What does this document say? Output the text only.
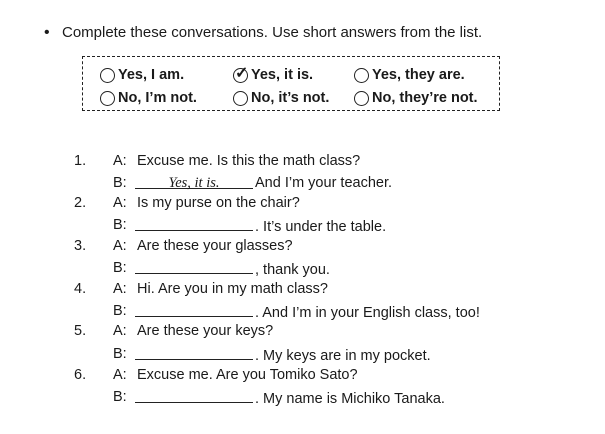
• Complete these conversations. Use short answers from the list.
Yes, I am.	✓ Yes, it is.	Yes, they are.
No, I’m not.	No, it’s not.	No, they’re not.
1. A: Excuse me. Is this the math class?
B:	Yes, it is. And I’m your teacher.
2. A: Is my purse on the chair?
B:	. It’s under the table.
3. A: Are these your glasses?
B:	, thank you.
4. A: Hi. Are you in my math class?
B:	. And I’m in your English class, too!
5. A: Are these your keys?
B:	. My keys are in my pocket.
6. A: Excuse me. Are you Tomiko Sato?
B:	. My name is Michiko Tanaka.
